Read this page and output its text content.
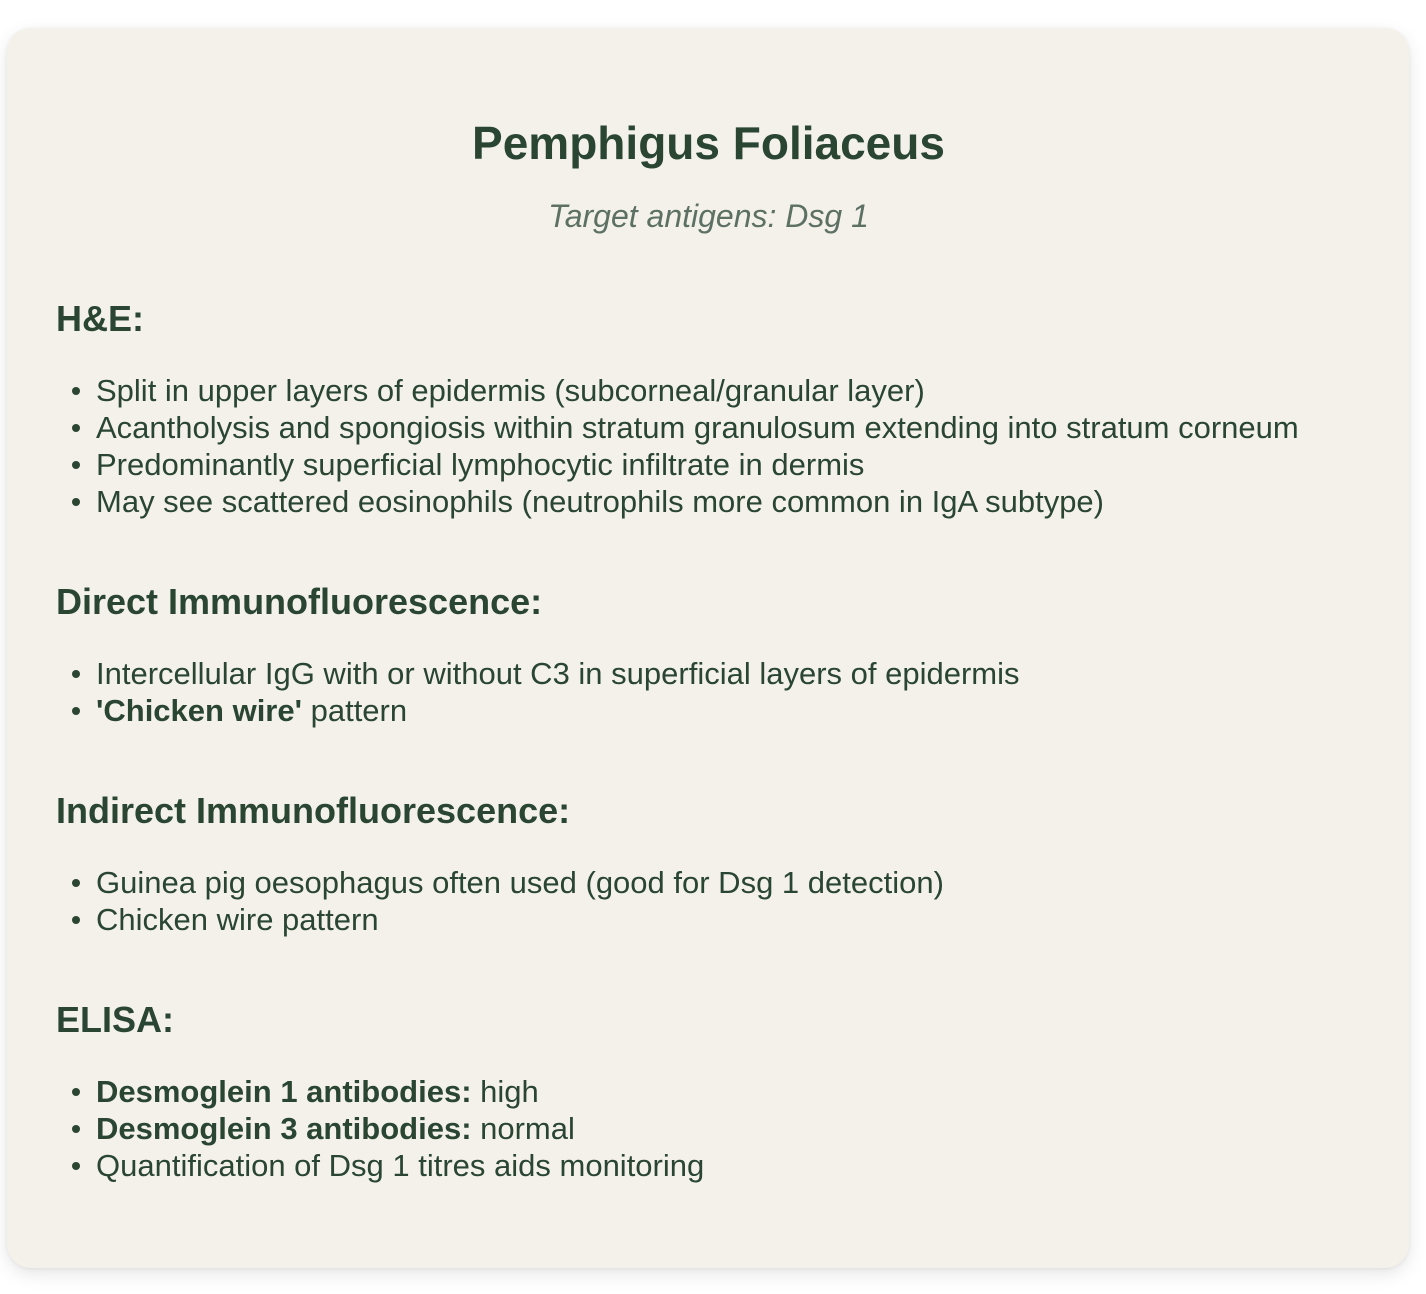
Pemphigus Foliaceus

Target antigens: Dsg 1

H&E:
Split in upper layers of epidermis (subcorneal/granular layer)
Acantholysis and spongiosis within stratum granulosum extending into stratum corneum
Predominantly superficial lymphocytic infiltrate in dermis
May see scattered eosinophils (neutrophils more common in IgA subtype)
Direct Immunofluorescence:
Intercellular IgG with or without C3 in superficial layers of epidermis
'Chicken wire' pattern
Indirect Immunofluorescence:
Guinea pig oesophagus often used (good for Dsg 1 detection)
Chicken wire pattern
ELISA:
Desmoglein 1 antibodies: high
Desmoglein 3 antibodies: normal
Quantification of Dsg 1 titres aids monitoring
